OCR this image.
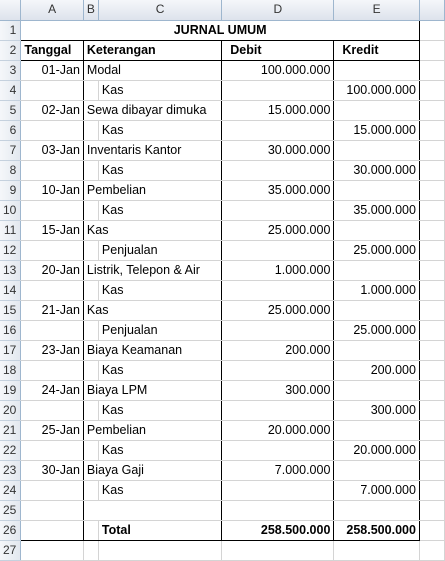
	A	B	C	D	E	
1	JURNAL UMUM					
2	Tanggal	Keterangan		Debit	Kredit	
3	01-Jan	Modal		100.000.000		
4			Kas		100.000.000	
5	02-Jan	Sewa dibayar dimuka		15.000.000		
6			Kas		15.000.000	
7	03-Jan	Inventaris Kantor		30.000.000		
8			Kas		30.000.000	
9	10-Jan	Pembelian		35.000.000		
10			Kas		35.000.000	
11	15-Jan	Kas		25.000.000		
12			Penjualan		25.000.000	
13	20-Jan	Listrik, Telepon & Air		1.000.000		
14			Kas		1.000.000	
15	21-Jan	Kas		25.000.000		
16			Penjualan		25.000.000	
17	23-Jan	Biaya Keamanan		200.000		
18			Kas		200.000	
19	24-Jan	Biaya LPM		300.000		
20			Kas		300.000	
21	25-Jan	Pembelian		20.000.000		
22			Kas		20.000.000	
23	30-Jan	Biaya Gaji		7.000.000		
24			Kas		7.000.000	
25						
26			Total	258.500.000	258.500.000	
27						
